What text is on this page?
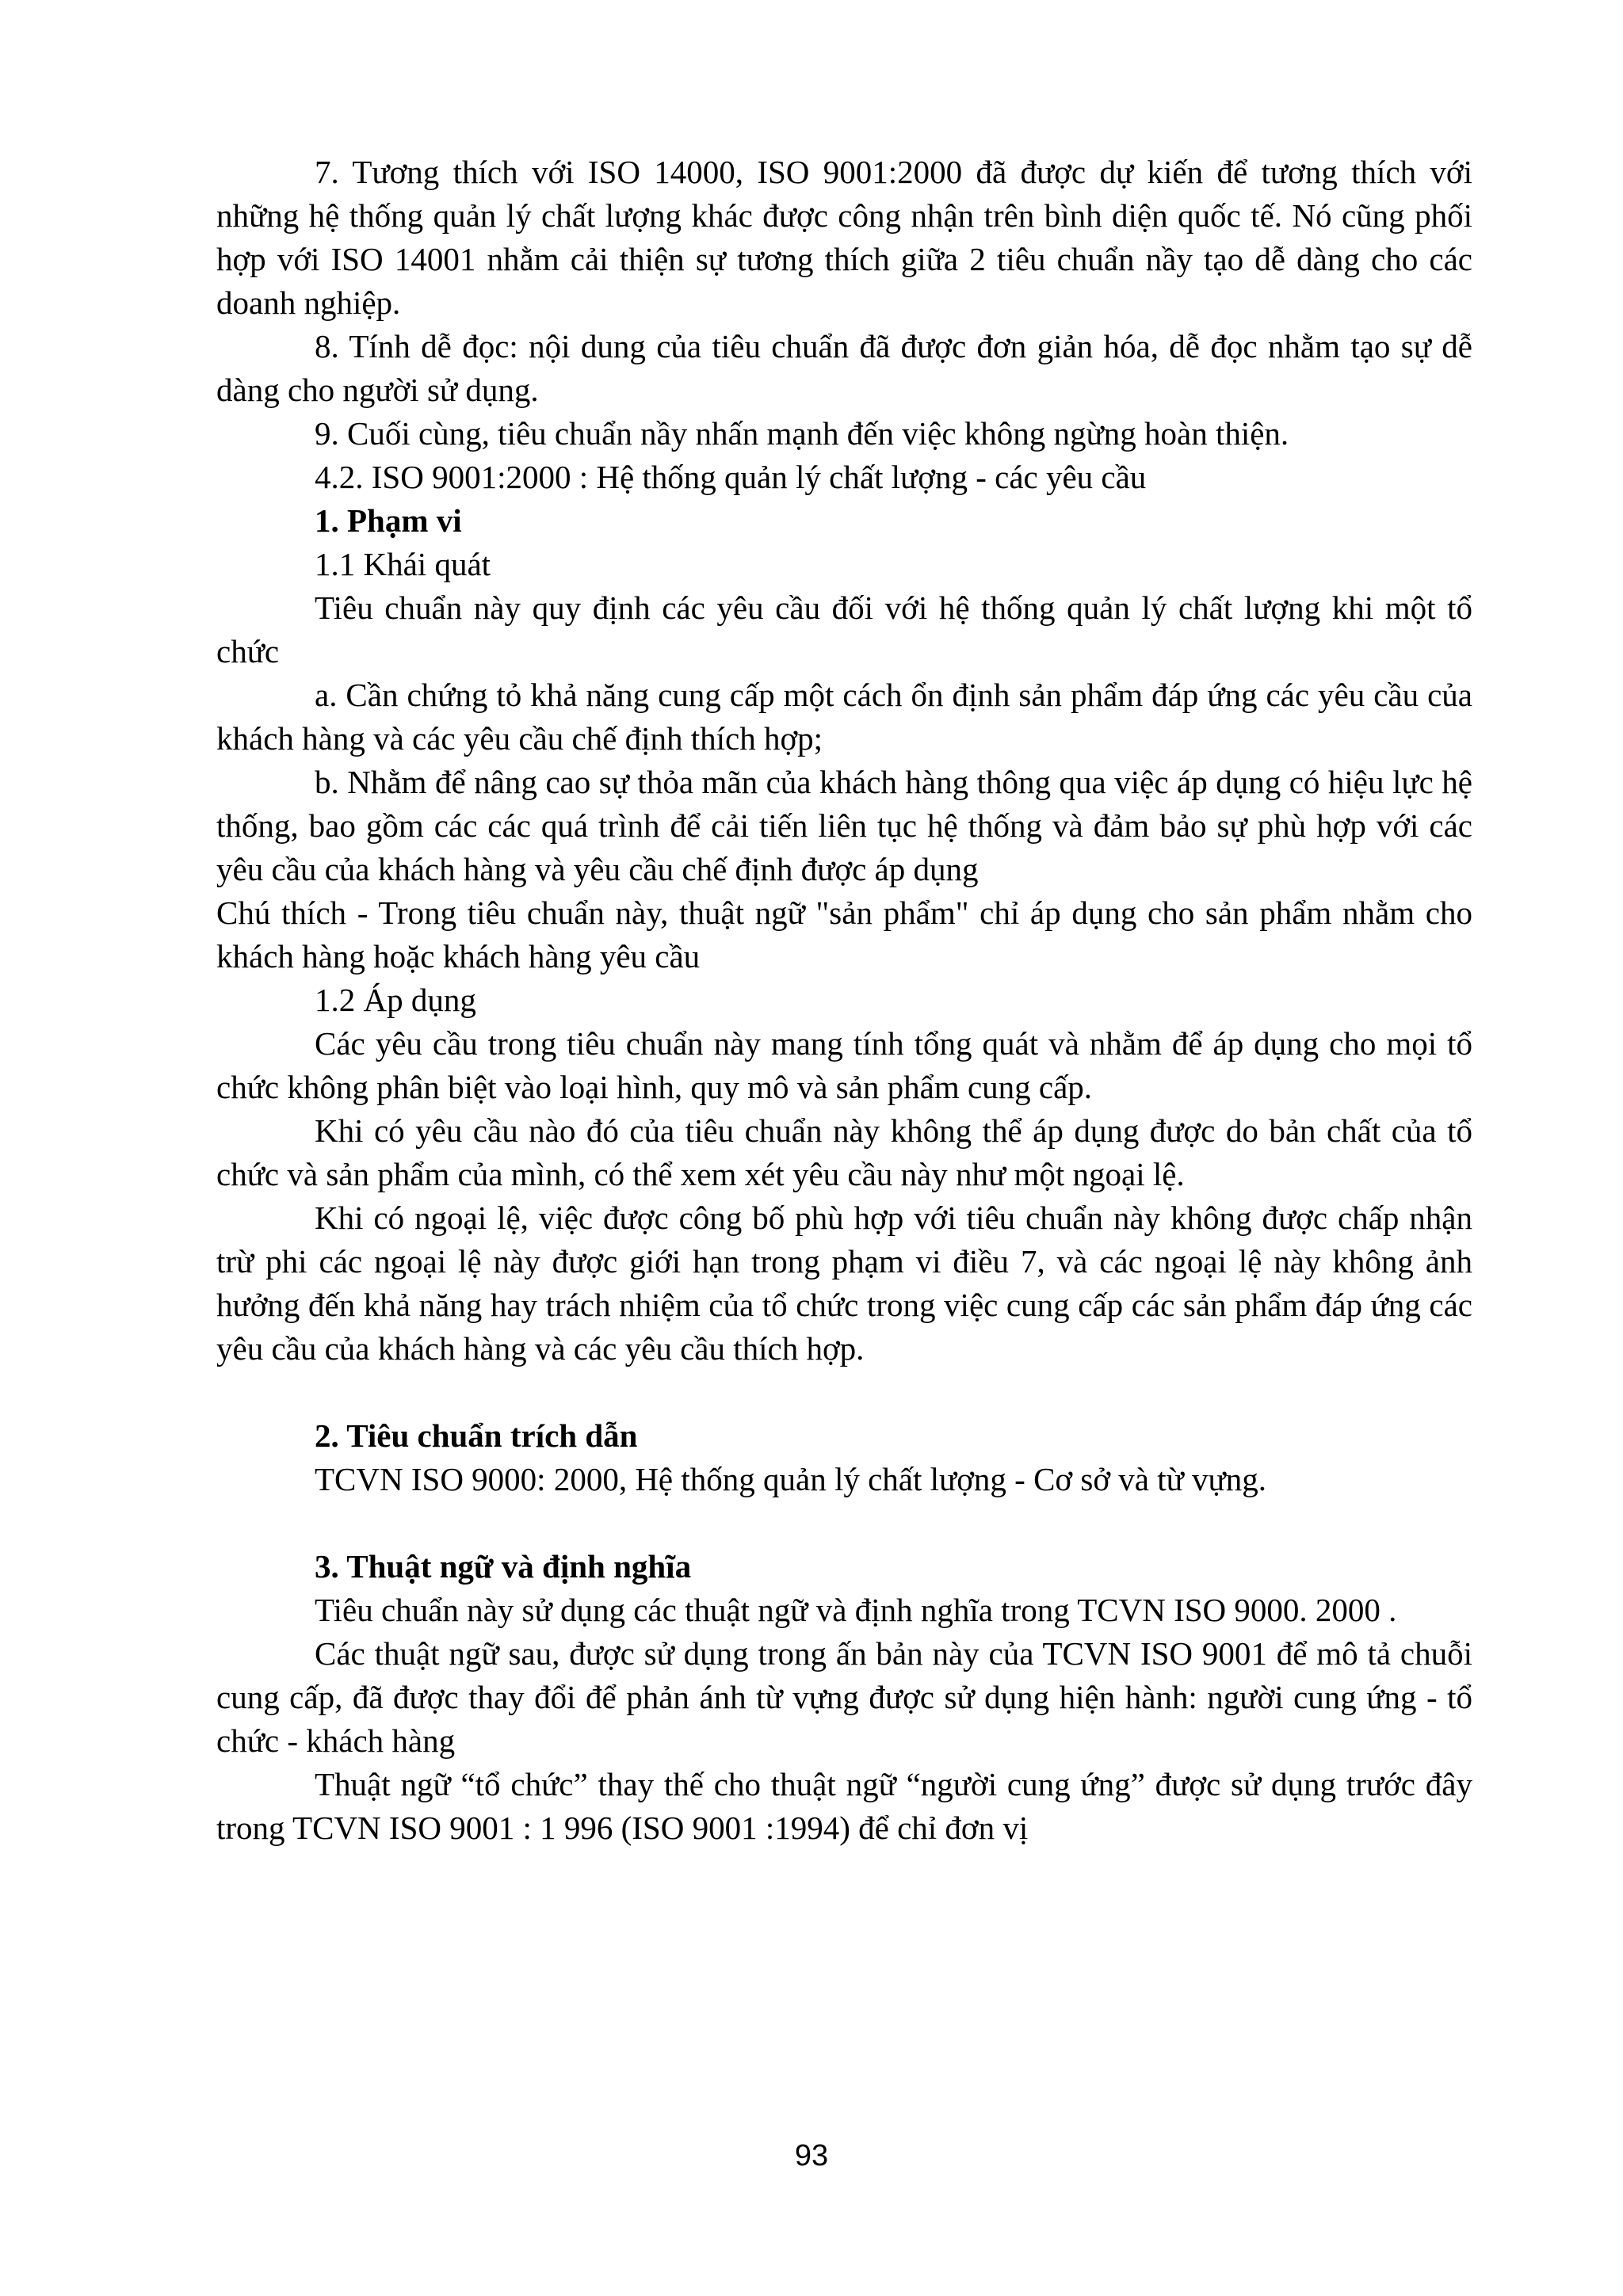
7. Tương thích với ISO 14000, ISO 9001:2000 đã được dự kiến để tương thích với những hệ thống quản lý chất lượng khác được công nhận trên bình diện quốc tế. Nó cũng phối hợp với ISO 14001 nhằm cải thiện sự tương thích giữa 2 tiêu chuẩn nầy tạo dễ dàng cho các doanh nghiệp.

8. Tính dễ đọc: nội dung của tiêu chuẩn đã được đơn giản hóa, dễ đọc nhằm tạo sự dễ dàng cho người sử dụng.

9. Cuối cùng, tiêu chuẩn nầy nhấn mạnh đến việc không ngừng hoàn thiện.

4.2. ISO 9001:2000 : Hệ thống quản lý chất lượng - các yêu cầu

1. Phạm vi

1.1 Khái quát

Tiêu chuẩn này quy định các yêu cầu đối với hệ thống quản lý chất lượng khi một tổ chức

a. Cần chứng tỏ khả năng cung cấp một cách ổn định sản phẩm đáp ứng các yêu cầu của khách hàng và các yêu cầu chế định thích hợp;

b. Nhằm để nâng cao sự thỏa mãn của khách hàng thông qua việc áp dụng có hiệu lực hệ thống, bao gồm các các quá trình để cải tiến liên tục hệ thống và đảm bảo sự phù hợp với các yêu cầu của khách hàng và yêu cầu chế định được áp dụng

Chú thích - Trong tiêu chuẩn này, thuật ngữ "sản phẩm" chỉ áp dụng cho sản phẩm nhằm cho khách hàng hoặc khách hàng yêu cầu

1.2 Áp dụng

Các yêu cầu trong tiêu chuẩn này mang tính tổng quát và nhằm để áp dụng cho mọi tổ chức không phân biệt vào loại hình, quy mô và sản phẩm cung cấp.

Khi có yêu cầu nào đó của tiêu chuẩn này không thể áp dụng được do bản chất của tổ chức và sản phẩm của mình, có thể xem xét yêu cầu này như một ngoại lệ.

Khi có ngoại lệ, việc được công bố phù hợp với tiêu chuẩn này không được chấp nhận trừ phi các ngoại lệ này được giới hạn trong phạm vi điều 7, và các ngoại lệ này không ảnh hưởng đến khả năng hay trách nhiệm của tổ chức trong việc cung cấp các sản phẩm đáp ứng các yêu cầu của khách hàng và các yêu cầu thích hợp.

2. Tiêu chuẩn trích dẫn

TCVN ISO 9000: 2000, Hệ thống quản lý chất lượng - Cơ sở và từ vựng.

3. Thuật ngữ và định nghĩa

Tiêu chuẩn này sử dụng các thuật ngữ và định nghĩa trong TCVN ISO 9000. 2000 .

Các thuật ngữ sau, được sử dụng trong ấn bản này của TCVN ISO 9001 để mô tả chuỗi cung cấp, đã được thay đổi để phản ánh từ vựng được sử dụng hiện hành: người cung ứng - tổ chức - khách hàng

Thuật ngữ “tổ chức” thay thế cho thuật ngữ “người cung ứng” được sử dụng trước đây trong TCVN ISO 9001 : 1 996 (ISO 9001 :1994) để chỉ đơn vị

93
